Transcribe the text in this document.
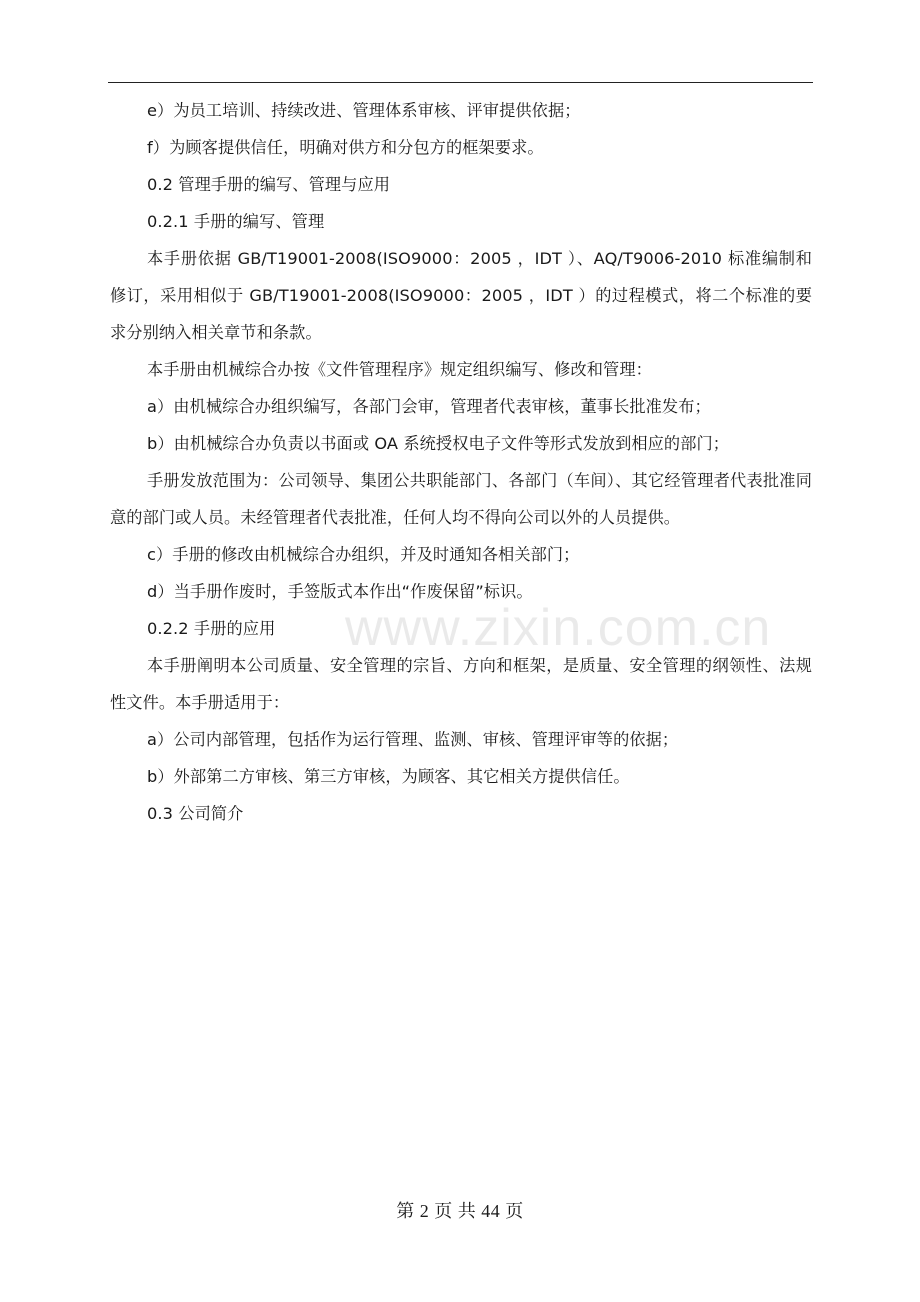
e）为员工培训、持续改进、管理体系审核、评审提供依据；

f）为顾客提供信任，明确对供方和分包方的框架要求。

0.2 管理手册的编写、管理与应用

0.2.1 手册的编写、管理

本手册依据 GB/T19001-2008(ISO9000：2005 ，IDT ）、AQ/T9006-2010 标准编制和修订，采用相似于 GB/T19001-2008(ISO9000：2005 ，IDT ）的过程模式，将二个标准的要求分别纳入相关章节和条款。

本手册由机械综合办按《文件管理程序》规定组织编写、修改和管理：

a）由机械综合办组织编写，各部门会审，管理者代表审核，董事长批准发布；

b）由机械综合办负责以书面或 OA 系统授权电子文件等形式发放到相应的部门；

手册发放范围为：公司领导、集团公共职能部门、各部门（车间）、其它经管理者代表批准同意的部门或人员。未经管理者代表批准，任何人均不得向公司以外的人员提供。

c）手册的修改由机械综合办组织，并及时通知各相关部门；

d）当手册作废时，手签版式本作出“作废保留”标识。

0.2.2 手册的应用

本手册阐明本公司质量、安全管理的宗旨、方向和框架，是质量、安全管理的纲领性、法规性文件。本手册适用于：

a）公司内部管理，包括作为运行管理、监测、审核、管理评审等的依据；

b）外部第二方审核、第三方审核，为顾客、其它相关方提供信任。

0.3 公司简介

www.zixin.com.cn
第 2 页 共 44 页
